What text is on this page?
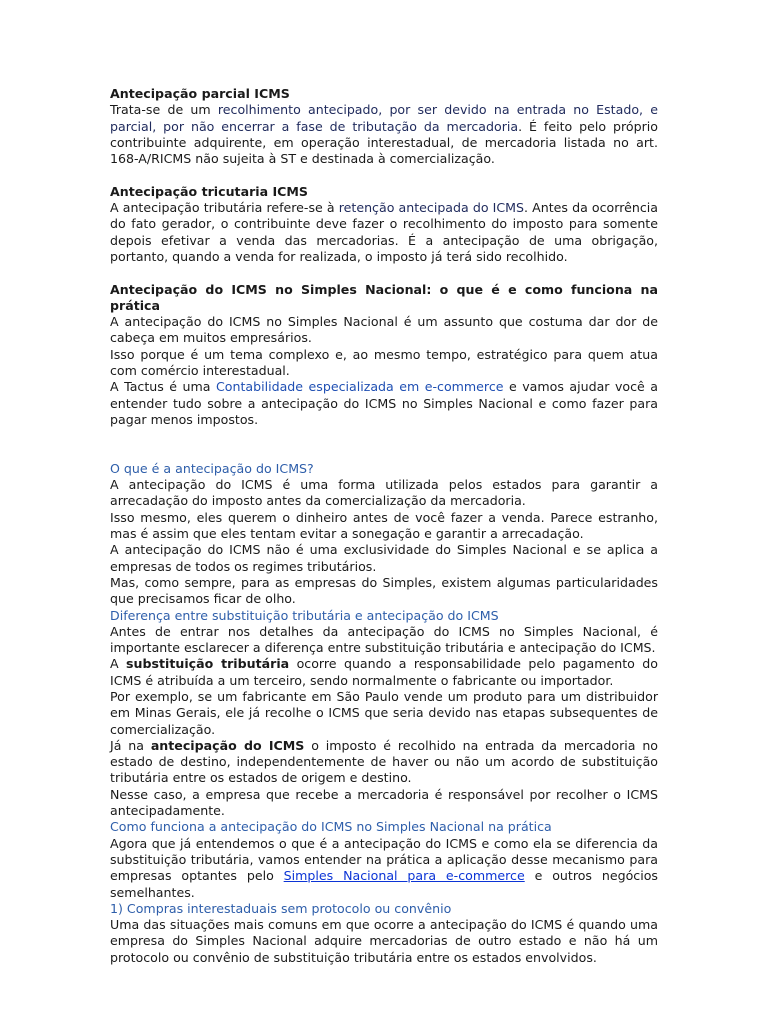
Antecipação parcial ICMS

Trata-se de um recolhimento antecipado, por ser devido na entrada no Estado, e parcial, por não encerrar a fase de tributação da mercadoria. É feito pelo próprio contribuinte adquirente, em operação interestadual, de mercadoria listada no art. 168-A/RICMS não sujeita à ST e destinada à comercialização.

Antecipação tricutaria ICMS

A antecipação tributária refere-se à retenção antecipada do ICMS. Antes da ocorrência do fato gerador, o contribuinte deve fazer o recolhimento do imposto para somente depois efetivar a venda das mercadorias. É a antecipação de uma obrigação, portanto, quando a venda for realizada, o imposto já terá sido recolhido.

Antecipação do ICMS no Simples Nacional: o que é e como funciona na prática

A antecipação do ICMS no Simples Nacional é um assunto que costuma dar dor de cabeça em muitos empresários.

Isso porque é um tema complexo e, ao mesmo tempo, estratégico para quem atua com comércio interestadual.

A Tactus é uma Contabilidade especializada em e-commerce e vamos ajudar você a entender tudo sobre a antecipação do ICMS no Simples Nacional e como fazer para pagar menos impostos.

O que é a antecipação do ICMS?

A antecipação do ICMS é uma forma utilizada pelos estados para garantir a arrecadação do imposto antes da comercialização da mercadoria.

Isso mesmo, eles querem o dinheiro antes de você fazer a venda. Parece estranho, mas é assim que eles tentam evitar a sonegação e garantir a arrecadação.

A antecipação do ICMS não é uma exclusividade do Simples Nacional e se aplica a empresas de todos os regimes tributários.

Mas, como sempre, para as empresas do Simples, existem algumas particularidades que precisamos ficar de olho.

Diferença entre substituição tributária e antecipação do ICMS

Antes de entrar nos detalhes da antecipação do ICMS no Simples Nacional, é importante esclarecer a diferença entre substituição tributária e antecipação do ICMS.

A substituição tributária ocorre quando a responsabilidade pelo pagamento do ICMS é atribuída a um terceiro, sendo normalmente o fabricante ou importador.

Por exemplo, se um fabricante em São Paulo vende um produto para um distribuidor em Minas Gerais, ele já recolhe o ICMS que seria devido nas etapas subsequentes de comercialização.

Já na antecipação do ICMS o imposto é recolhido na entrada da mercadoria no estado de destino, independentemente de haver ou não um acordo de substituição tributária entre os estados de origem e destino.

Nesse caso, a empresa que recebe a mercadoria é responsável por recolher o ICMS antecipadamente.

Como funciona a antecipação do ICMS no Simples Nacional na prática

Agora que já entendemos o que é a antecipação do ICMS e como ela se diferencia da substituição tributária, vamos entender na prática a aplicação desse mecanismo para empresas optantes pelo Simples Nacional para e-commerce e outros negócios semelhantes.

1) Compras interestaduais sem protocolo ou convênio

Uma das situações mais comuns em que ocorre a antecipação do ICMS é quando uma empresa do Simples Nacional adquire mercadorias de outro estado e não há um protocolo ou convênio de substituição tributária entre os estados envolvidos.
